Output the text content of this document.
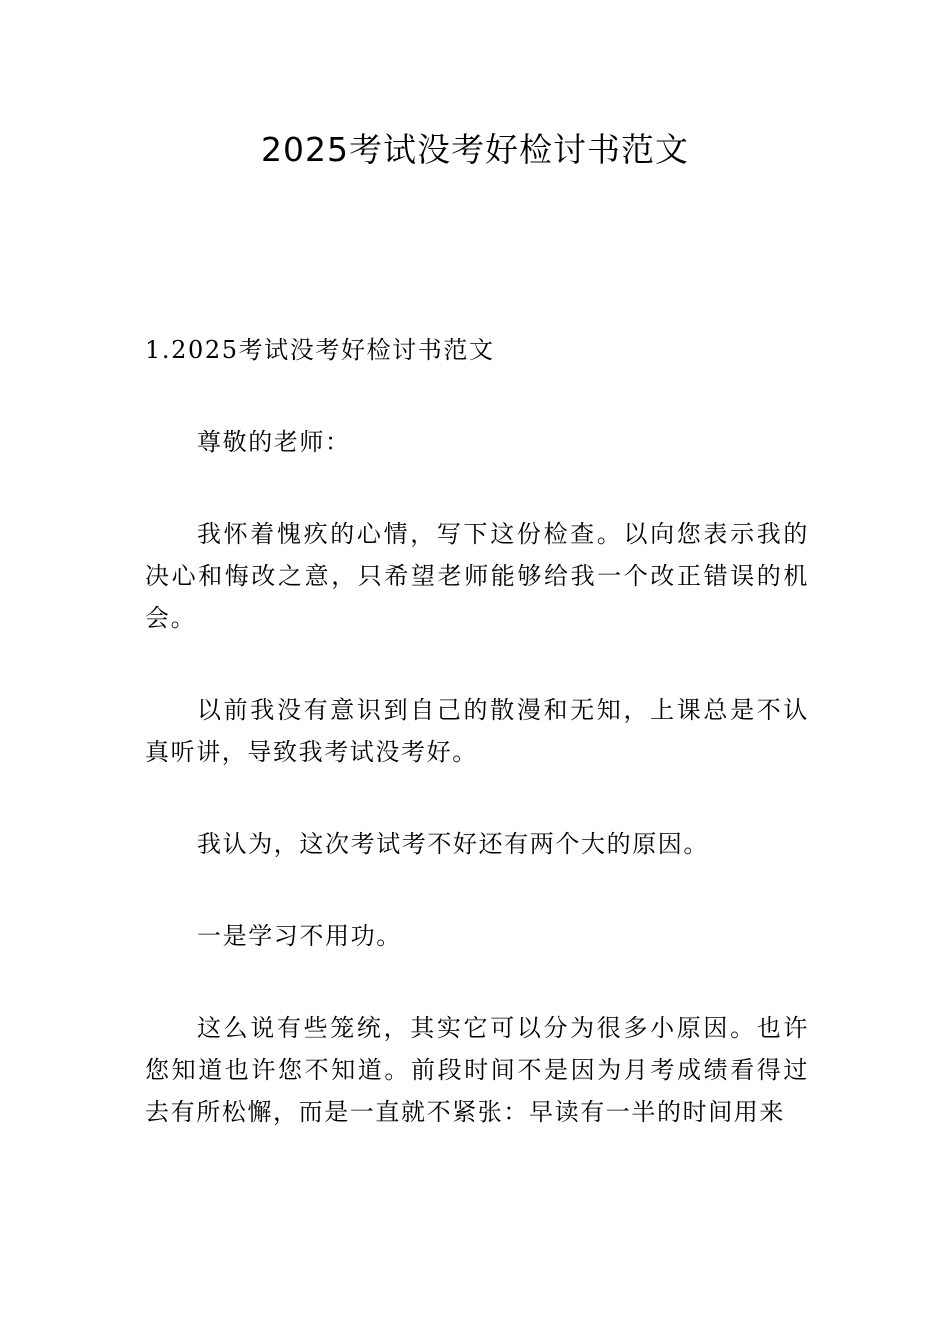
2025考试没考好检讨书范文
1.2025考试没考好检讨书范文

尊敬的老师：

我怀着愧疚的心情，写下这份检查。以向您表示我的决心和悔改之意，只希望老师能够给我一个改正错误的机会。

以前我没有意识到自己的散漫和无知，上课总是不认真听讲，导致我考试没考好。

我认为，这次考试考不好还有两个大的原因。

一是学习不用功。

这么说有些笼统，其实它可以分为很多小原因。也许您知道也许您不知道。前段时间不是因为月考成绩看得过去有所松懈，而是一直就不紧张：早读有一半的时间用来
